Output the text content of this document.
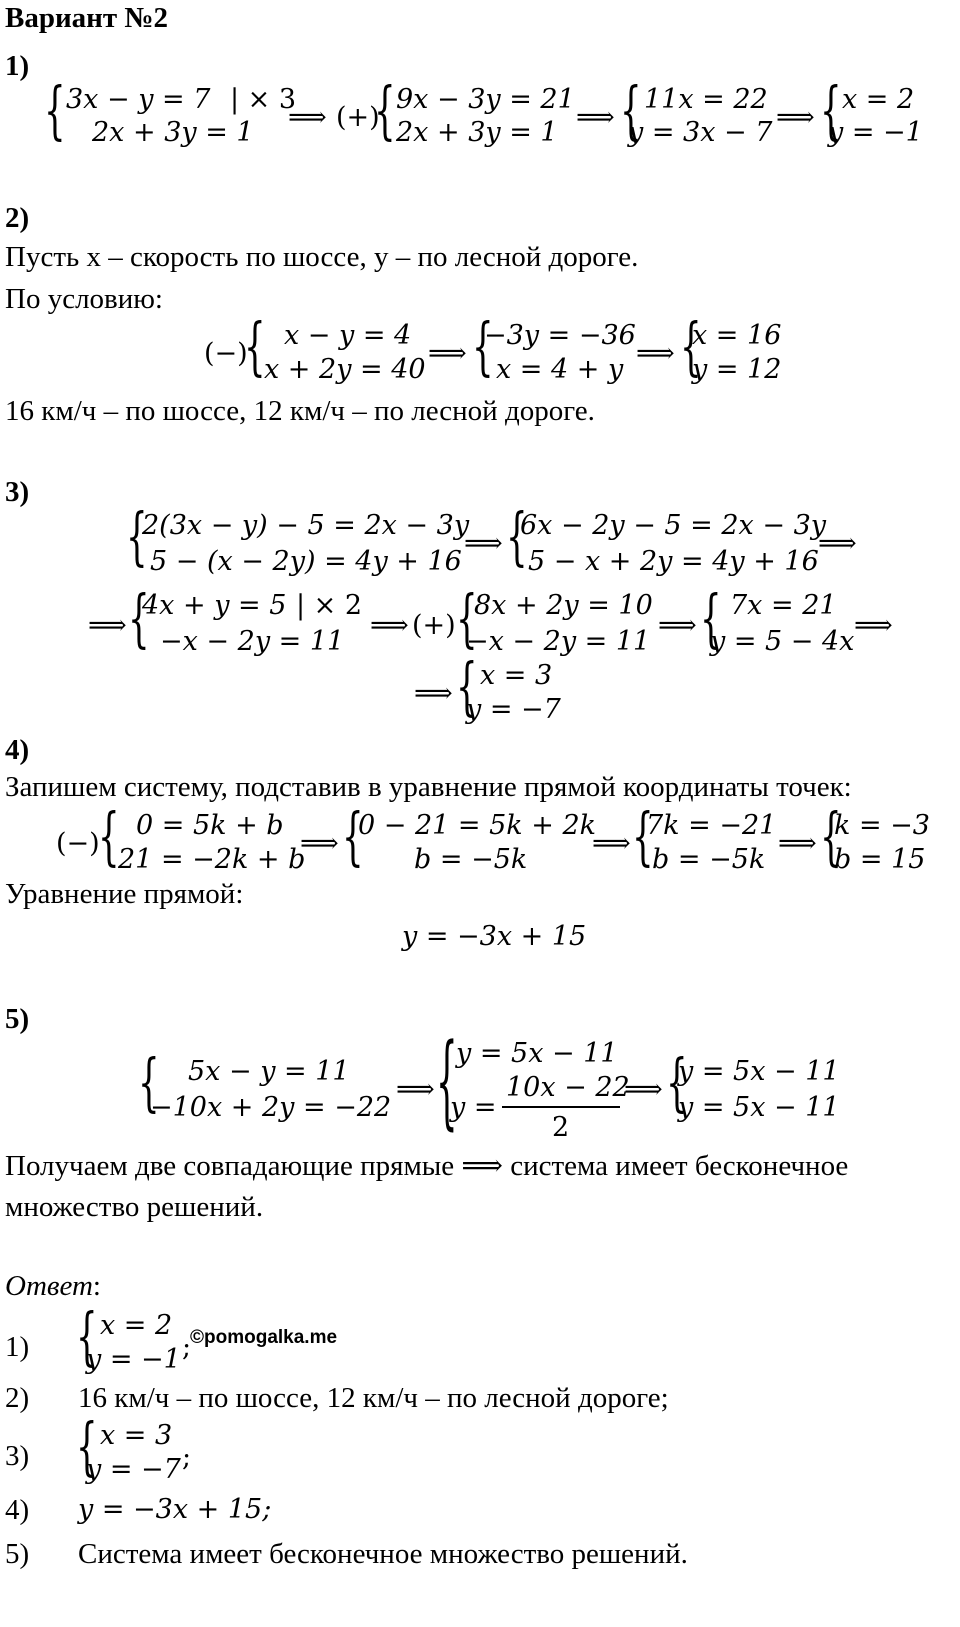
Вариант №2
1)
{ 3x − y = 7 | × 3
2x + 3y = 1 ⟹ (+)
{ 9x − 3y = 21
2x + 3y = 1 ⟹ { 11x = 22
y = 3x − 7 ⟹ { x = 2
y = −1
2)
Пусть x – скорость по шоссе, y – по лесной дороге.
По условию:
(−)
{ x − y = 4
x + 2y = 40
⟹ {
−3y = −36
x = 4 + y
⟹ {
x = 16
y = 12
16 км/ч – по шоссе, 12 км/ч – по лесной дороге.
3)
{
2(3x − y) − 5 = 2x − 3y
5 − (x − 2y) = 4y + 16
⟹ {
6x − 2y − 5 = 2x − 3y
5 − x + 2y = 4y + 16
⟹
⟹ {
4x + y = 5 | × 2
−x − 2y = 11
⟹ (+) {
8x + 2y = 10
−x − 2y = 11
⟹ { 7x = 21
y = 5 − 4x
⟹
⟹ { x = 3
y = −7
4)
Запишем систему, подставив в уравнение прямой координаты точек:
(−)
{ 0 = 5k + b
21 = −2k + b
⟹ {
0 − 21 = 5k + 2k
b = −5k
⟹ {
7k = −21
b = −5k
⟹ {
k = −3
b = 15
Уравнение прямой:
y = −3x + 15
5)
{ 5x − y = 11
−10x + 2y = −22
⟹ {
y = 5x − 11
y =
10x − 22
2
⟹ {
y = 5x − 11
y = 5x − 11
Получаем две совпадающие прямые ⟹ система имеет бесконечное
множество решений.
Ответ:
1) { x = 2
y = −1 ;
©pomogalka.me
2) 16 км/ч – по шоссе, 12 км/ч – по лесной дороге;
3) { x = 3
y = −7 ;
4) y = −3x + 15;
5) Система имеет бесконечное множество решений.
